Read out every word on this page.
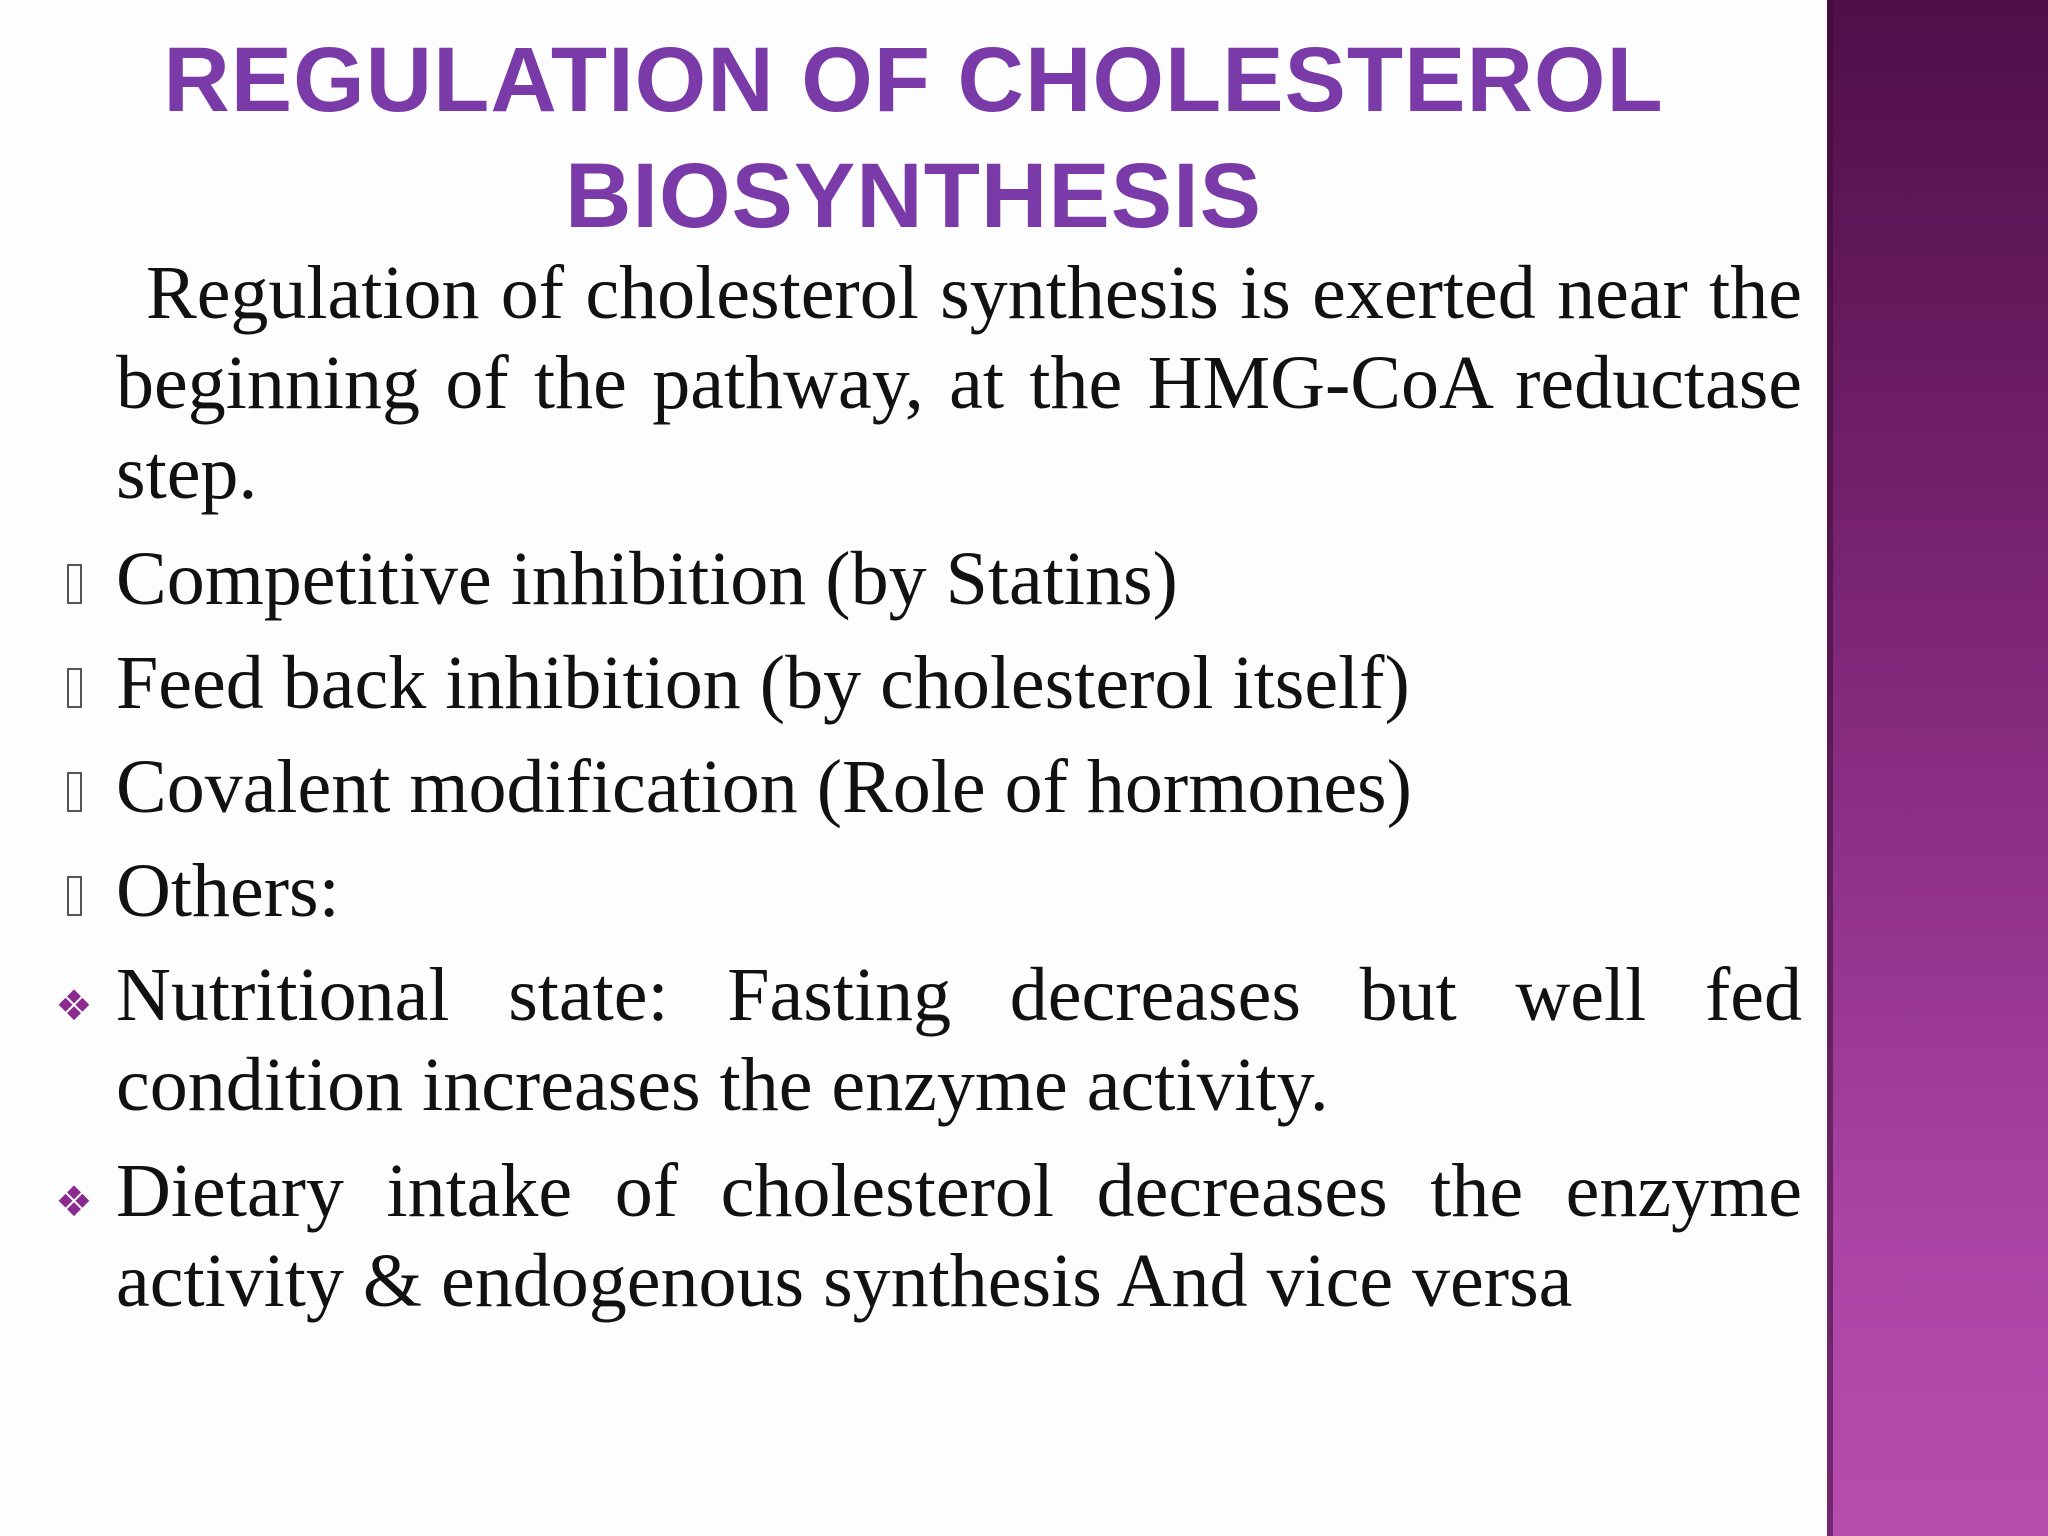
REGULATION OF CHOLESTEROL
BIOSYNTHESIS

Regulation of cholesterol synthesis is exerted near the beginning of the pathway, at the HMG-CoA reductase step.

Competitive inhibition (by Statins)
Feed back inhibition (by cholesterol itself)
Covalent modification (Role of hormones)
Others:
❖ Nutritional state: Fasting decreases but well fed condition increases the enzyme activity.
❖ Dietary intake of cholesterol decreases the enzyme activity & endogenous synthesis And vice versa
